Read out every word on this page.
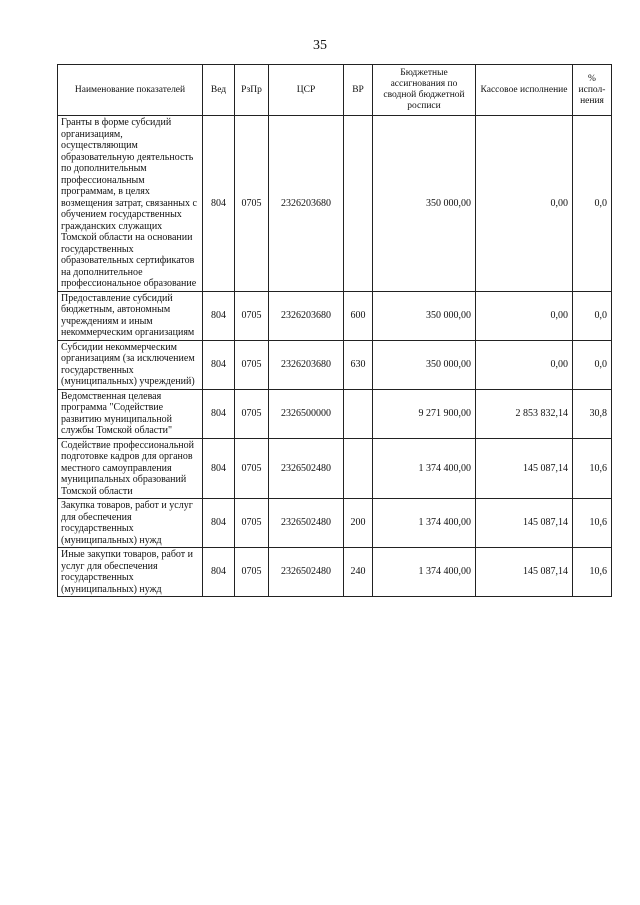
35
Наименование показателей	Вед	РзПр	ЦСР	ВР	Бюджетные ассигнования по сводной бюджетной росписи	Кассовое исполнение	% испол-нения
Гранты в форме субсидий организациям, осуществляющим образовательную деятельность по дополнительным профессиональным программам, в целях возмещения затрат, связанных с обучением государственных гражданских служащих Томской области на основании государственных образовательных сертификатов на дополнительное профессиональное образование	804	0705	2326203680		350 000,00	0,00	0,0
Предоставление субсидий бюджетным, автономным учреждениям и иным некоммерческим организациям	804	0705	2326203680	600	350 000,00	0,00	0,0
Субсидии некоммерческим организациям (за исключением государственных (муниципальных) учреждений)	804	0705	2326203680	630	350 000,00	0,00	0,0
Ведомственная целевая программа "Содействие развитию муниципальной службы Томской области"	804	0705	2326500000		9 271 900,00	2 853 832,14	30,8
Содействие профессиональной подготовке кадров для органов местного самоуправления муниципальных образований Томской области	804	0705	2326502480		1 374 400,00	145 087,14	10,6
Закупка товаров, работ и услуг для обеспечения государственных (муниципальных) нужд	804	0705	2326502480	200	1 374 400,00	145 087,14	10,6
Иные закупки товаров, работ и услуг для обеспечения государственных (муниципальных) нужд	804	0705	2326502480	240	1 374 400,00	145 087,14	10,6
